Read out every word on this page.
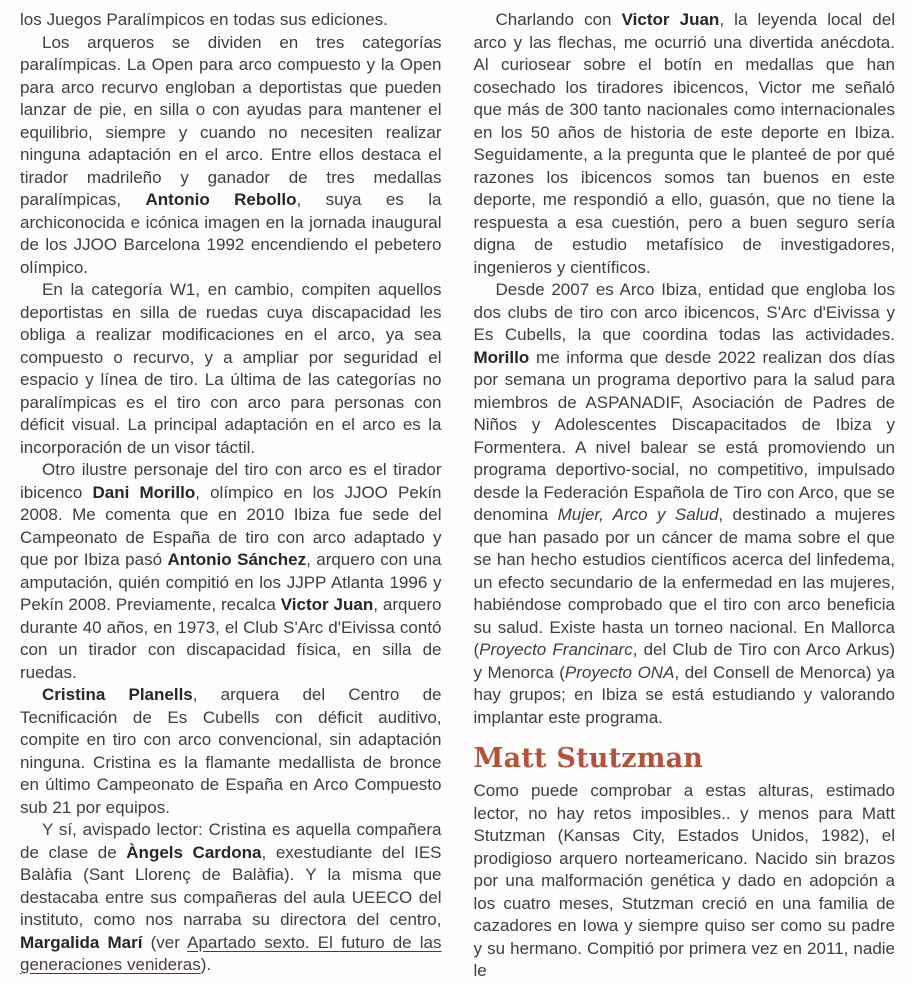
los Juegos Paralímpicos en todas sus ediciones.

Los arqueros se dividen en tres categorías paralímpicas. La Open para arco compuesto y la Open para arco recurvo engloban a deportistas que pueden lanzar de pie, en silla o con ayudas para mantener el equilibrio, siempre y cuando no necesiten realizar ninguna adaptación en el arco. Entre ellos destaca el tirador madrileño y ganador de tres medallas paralímpicas, Antonio Rebollo, suya es la archiconocida e icónica imagen en la jornada inaugural de los JJOO Barcelona 1992 encendiendo el pebetero olímpico.

En la categoría W1, en cambio, compiten aquellos deportistas en silla de ruedas cuya discapacidad les obliga a realizar modificaciones en el arco, ya sea compuesto o recurvo, y a ampliar por seguridad el espacio y línea de tiro. La última de las categorías no paralímpicas es el tiro con arco para personas con déficit visual. La principal adaptación en el arco es la incorporación de un visor táctil.

Otro ilustre personaje del tiro con arco es el tirador ibicenco Dani Morillo, olímpico en los JJOO Pekín 2008. Me comenta que en 2010 Ibiza fue sede del Campeonato de España de tiro con arco adaptado y que por Ibiza pasó Antonio Sánchez, arquero con una amputación, quién compitió en los JJPP Atlanta 1996 y Pekín 2008. Previamente, recalca Victor Juan, arquero durante 40 años, en 1973, el Club S'Arc d'Eivissa contó con un tirador con discapacidad física, en silla de ruedas.

Cristina Planells, arquera del Centro de Tecnificación de Es Cubells con déficit auditivo, compite en tiro con arco convencional, sin adaptación ninguna. Cristina es la flamante medallista de bronce en último Campeonato de España en Arco Compuesto sub 21 por equipos.

Y sí, avispado lector: Cristina es aquella compañera de clase de Àngels Cardona, exestudiante del IES Balàfia (Sant Llorenç de Balàfia). Y la misma que destacaba entre sus compañeras del aula UEECO del instituto, como nos narraba su directora del centro, Margalida Marí (ver Apartado sexto. El futuro de las generaciones venideras).

Charlando con Victor Juan, la leyenda local del arco y las flechas, me ocurrió una divertida anécdota. Al curiosear sobre el botín en medallas que han cosechado los tiradores ibicencos, Victor me señaló que más de 300 tanto nacionales como internacionales en los 50 años de historia de este deporte en Ibiza. Seguidamente, a la pregunta que le planteé de por qué razones los ibicencos somos tan buenos en este deporte, me respondió a ello, guasón, que no tiene la respuesta a esa cuestión, pero a buen seguro sería digna de estudio metafísico de investigadores, ingenieros y científicos.

Desde 2007 es Arco Ibiza, entidad que engloba los dos clubs de tiro con arco ibicencos, S'Arc d'Eivissa y Es Cubells, la que coordina todas las actividades. Morillo me informa que desde 2022 realizan dos días por semana un programa deportivo para la salud para miembros de ASPANADIF, Asociación de Padres de Niños y Adolescentes Discapacitados de Ibiza y Formentera. A nivel balear se está promoviendo un programa deportivo-social, no competitivo, impulsado desde la Federación Española de Tiro con Arco, que se denomina Mujer, Arco y Salud, destinado a mujeres que han pasado por un cáncer de mama sobre el que se han hecho estudios científicos acerca del linfedema, un efecto secundario de la enfermedad en las mujeres, habiéndose comprobado que el tiro con arco beneficia su salud. Existe hasta un torneo nacional. En Mallorca (Proyecto Francinarc, del Club de Tiro con Arco Arkus) y Menorca (Proyecto ONA, del Consell de Menorca) ya hay grupos; en Ibiza se está estudiando y valorando implantar este programa.

Matt Stutzman

Como puede comprobar a estas alturas, estimado lector, no hay retos imposibles.. y menos para Matt Stutzman (Kansas City, Estados Unidos, 1982), el prodigioso arquero norteamericano. Nacido sin brazos por una malformación genética y dado en adopción a los cuatro meses, Stutzman creció en una familia de cazadores en Iowa y siempre quiso ser como su padre y su hermano. Compitió por primera vez en 2011, nadie le
